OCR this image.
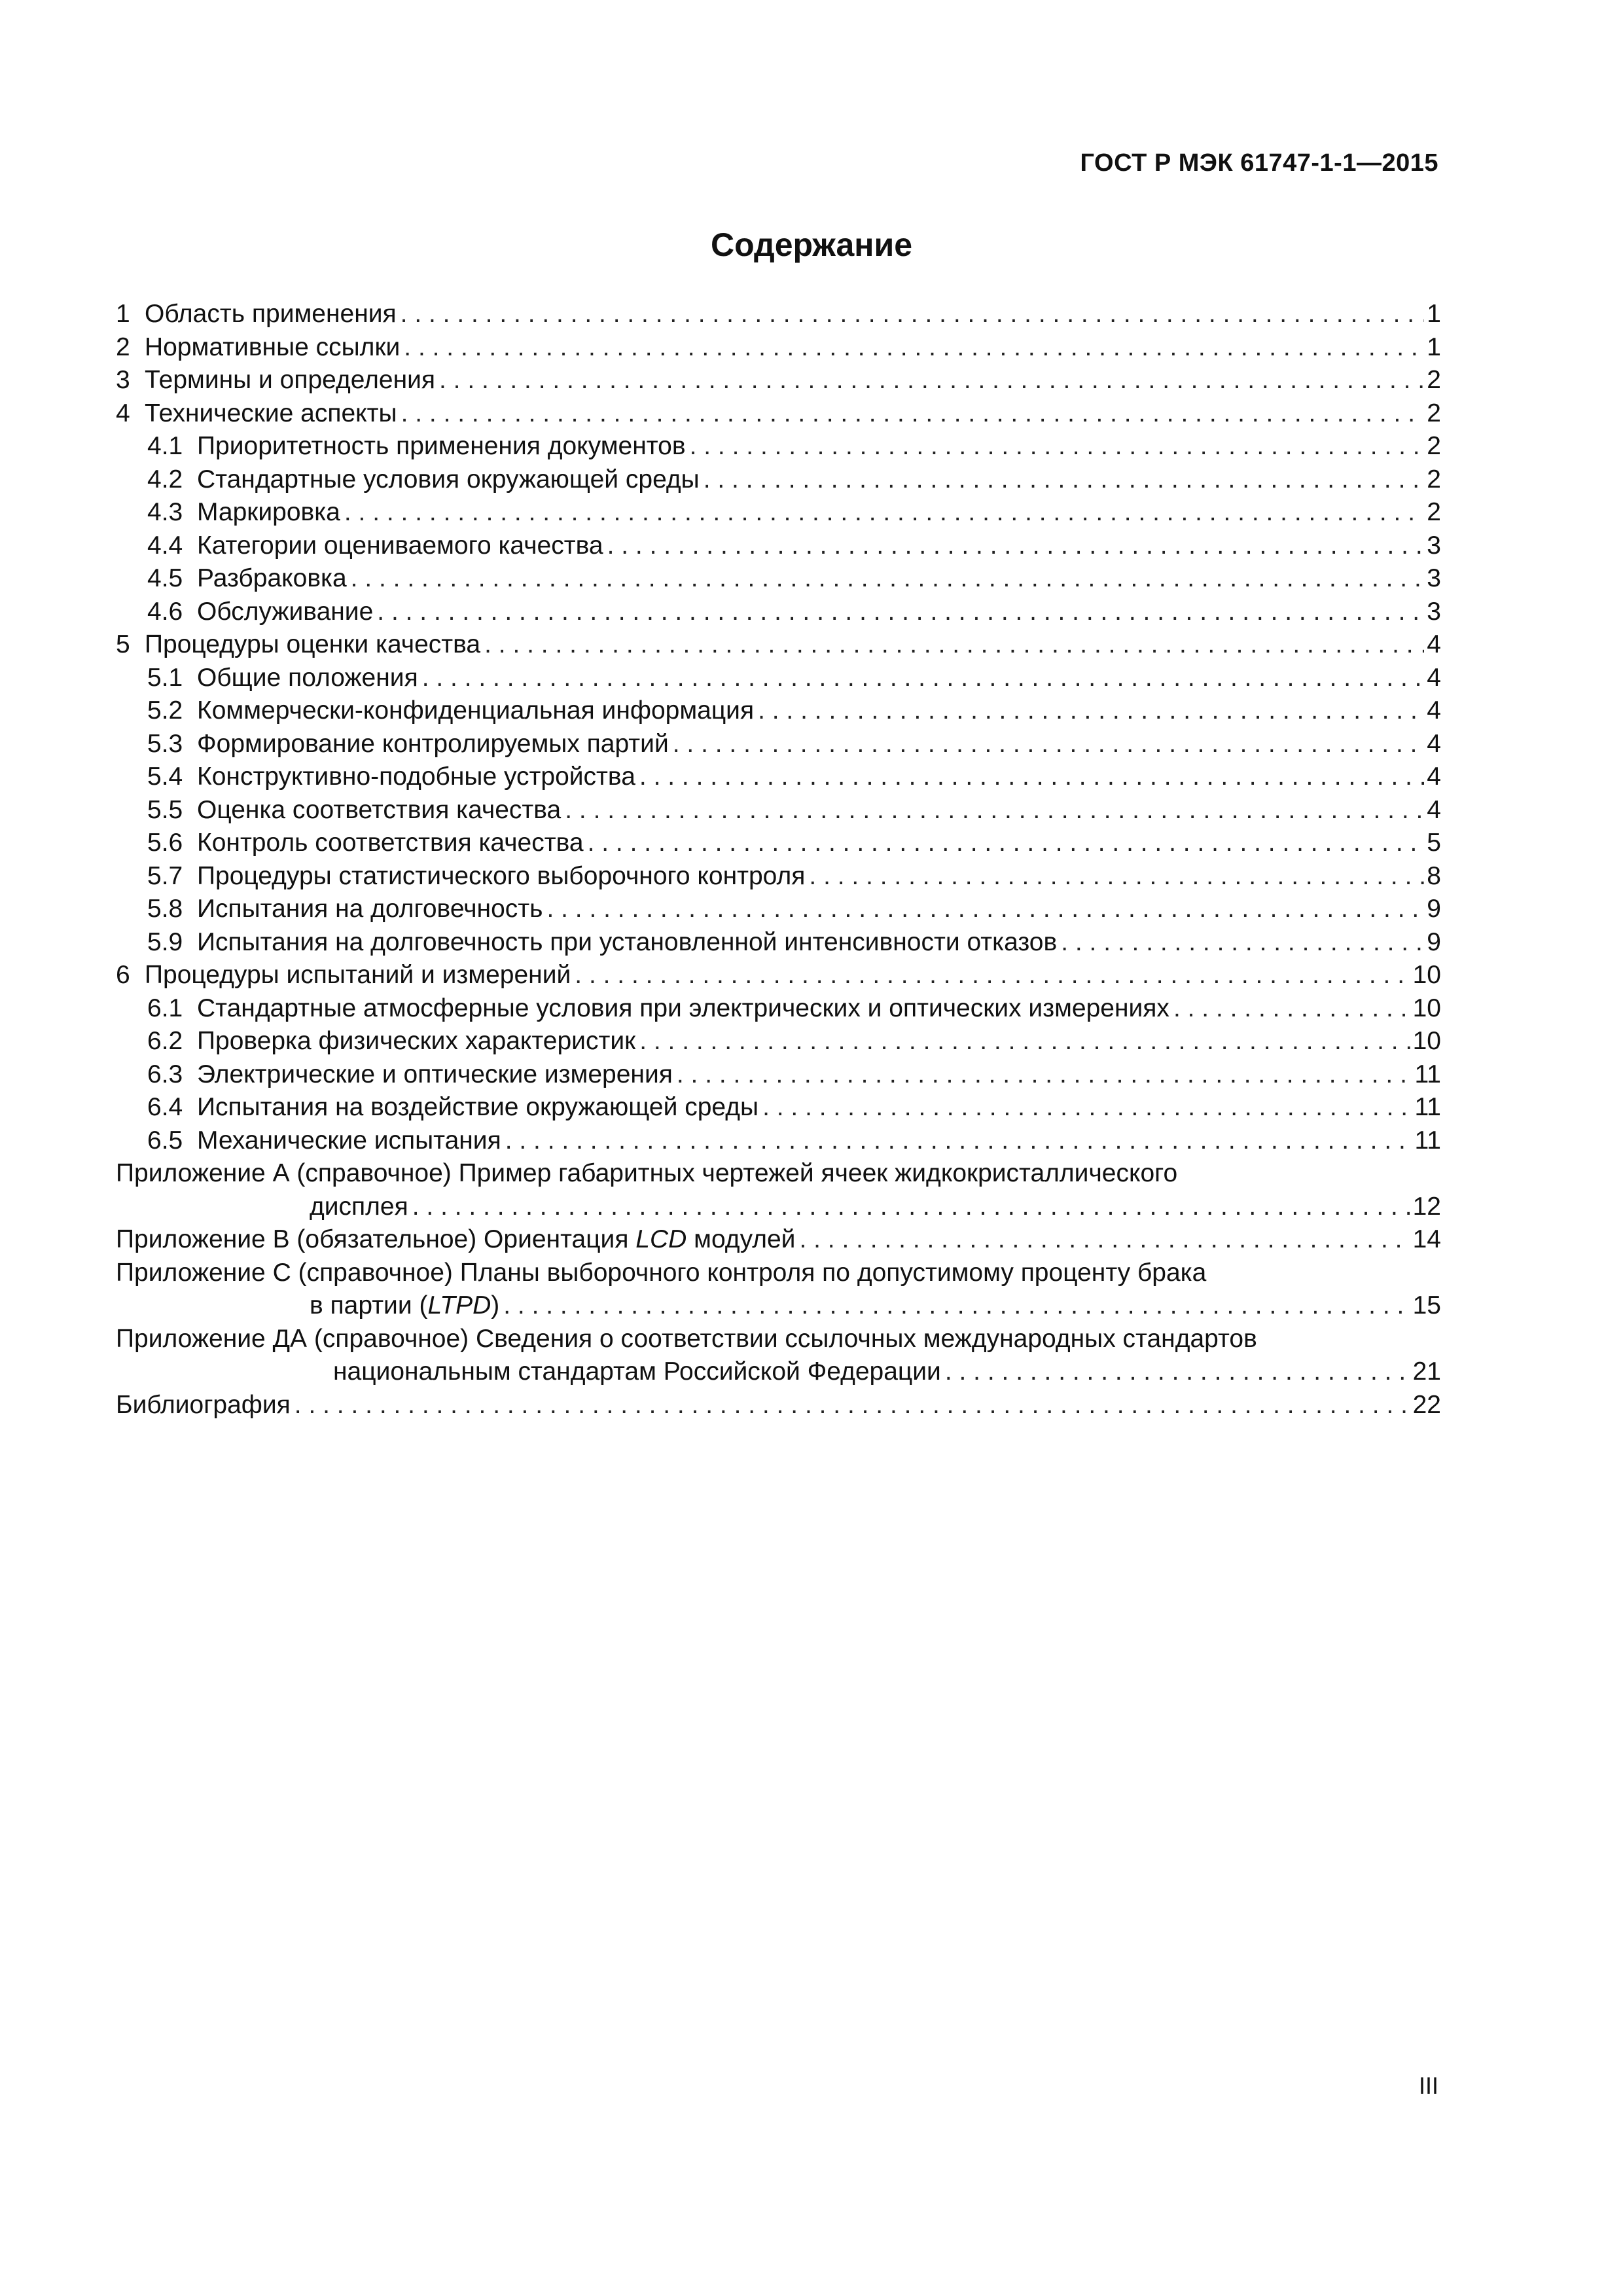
ГОСТ Р МЭК 61747-1-1—2015
Содержание
1 Область применения . . .	1
2 Нормативные ссылки . . .	1
3 Термины и определения . . .	2
4 Технические аспекты . . .	2
4.1 Приоритетность применения документов . . .	2
4.2 Стандартные условия окружающей среды . . .	2
4.3 Маркировка . . .	2
4.4 Категории оцениваемого качества . . .	3
4.5 Разбраковка . . .	3
4.6 Обслуживание . . .	3
5 Процедуры оценки качества . . .	4
5.1 Общие положения . . .	4
5.2 Коммерчески-конфиденциальная информация . . .	4
5.3 Формирование контролируемых партий . . .	4
5.4 Конструктивно-подобные устройства . . .	4
5.5 Оценка соответствия качества . . .	4
5.6 Контроль соответствия качества . . .	5
5.7 Процедуры статистического выборочного контроля . . .	8
5.8 Испытания на долговечность . . .	9
5.9 Испытания на долговечность при установленной интенсивности отказов . . .	9
6 Процедуры испытаний и измерений . . .	10
6.1 Стандартные атмосферные условия при электрических и оптических измерениях . . .	10
6.2 Проверка физических характеристик . . .	10
6.3 Электрические и оптические измерения . . .	11
6.4 Испытания на воздействие окружающей среды . . .	11
6.5 Механические испытания . . .	11
Приложение А (справочное) Пример габаритных чертежей ячеек жидкокристаллического
дисплея . . .	12
Приложение В (обязательное) Ориентация LCD модулей . . .	14
Приложение С (справочное) Планы выборочного контроля по допустимому проценту брака
в партии (LTPD) . . .	15
Приложение ДА (справочное) Сведения о соответствии ссылочных международных стандартов
национальным стандартам Российской Федерации . . .	21
Библиография . . .	22
III
